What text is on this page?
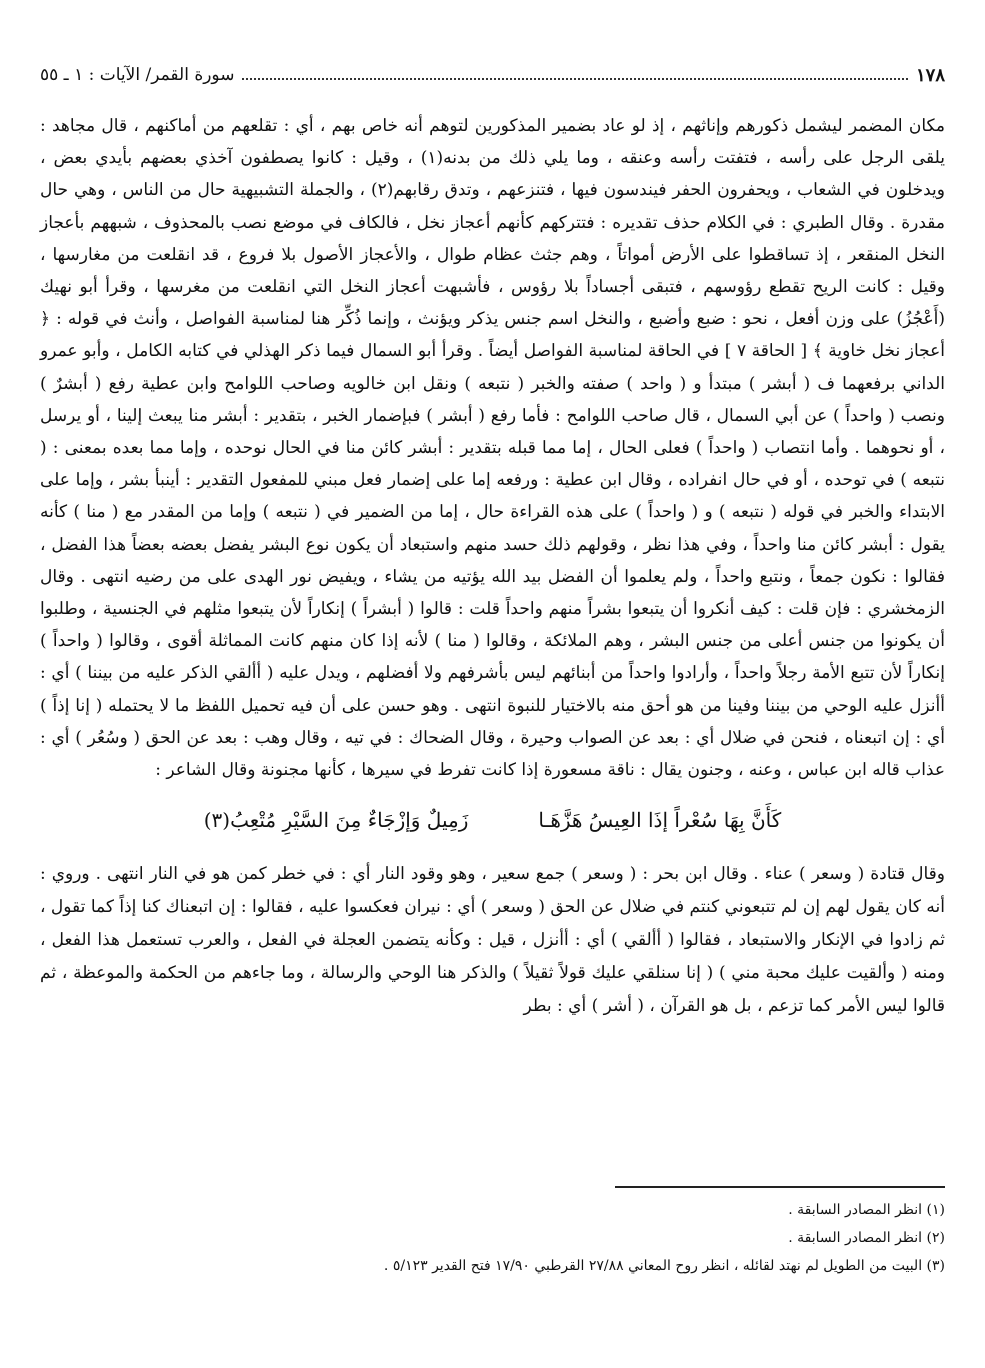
١٧٨
سورة القمر/ الآيات : ١ ـ ٥٥

مكان المضمر ليشمل ذكورهم وإناثهم ، إذ لو عاد بضمير المذكورين لتوهم أنه خاص بهم ، أي : تقلعهم من أماكنهم ، قال مجاهد : يلقى الرجل على رأسه ، فتفتت رأسه وعنقه ، وما يلي ذلك من بدنه(١) ، وقيل : كانوا يصطفون آخذي بعضهم بأيدي بعض ، ويدخلون في الشعاب ، ويحفرون الحفر فيندسون فيها ، فتنزعهم ، وتدق رقابهم(٢) ، والجملة التشبيهية حال من الناس ، وهي حال مقدرة . وقال الطبري : في الكلام حذف تقديره : فتتركهم كأنهم أعجاز نخل ، فالكاف في موضع نصب بالمحذوف ، شبههم بأعجاز النخل المنقعر ، إذ تساقطوا على الأرض أمواتاً ، وهم جثث عظام طوال ، والأعجاز الأصول بلا فروع ، قد انقلعت من مغارسها ، وقيل : كانت الريح تقطع رؤوسهم ، فتبقى أجساداً بلا رؤوس ، فأشبهت أعجاز النخل التي انقلعت من مغرسها ، وقرأ أبو نهيك (أَعْجُزُ) على وزن أفعل ، نحو : ضبع وأضبع ، والنخل اسم جنس يذكر ويؤنث ، وإنما ذُكِّر هنا لمناسبة الفواصل ، وأنث في قوله : ﴿ أعجاز نخل خاوية ﴾ [ الحاقة ٧ ] في الحاقة لمناسبة الفواصل أيضاً . وقرأ أبو السمال فيما ذكر الهذلي في كتابه الكامل ، وأبو عمرو الداني برفعهما ف ( أبشر ) مبتدأ و ( واحد ) صفته والخبر ( نتبعه ) ونقل ابن خالويه وصاحب اللوامح وابن عطية رفع ( أبشرٌ ) ونصب ( واحداً ) عن أبي السمال ، قال صاحب اللوامح : فأما رفع ( أبشر ) فبإضمار الخبر ، بتقدير : أبشر منا يبعث إلينا ، أو يرسل ، أو نحوهما . وأما انتصاب ( واحداً ) فعلى الحال ، إما مما قبله بتقدير : أبشر كائن منا في الحال نوحده ، وإما مما بعده بمعنى : ( نتبعه ) في توحده ، أو في حال انفراده ، وقال ابن عطية : ورفعه إما على إضمار فعل مبني للمفعول التقدير : أينبأ بشر ، وإما على الابتداء والخبر في قوله ( نتبعه ) و ( واحداً ) على هذه القراءة حال ، إما من الضمير في ( نتبعه ) وإما من المقدر مع ( منا ) كأنه يقول : أبشر كائن منا واحداً ، وفي هذا نظر ، وقولهم ذلك حسد منهم واستبعاد أن يكون نوع البشر يفضل بعضه بعضاً هذا الفضل ، فقالوا : نكون جمعاً ، ونتبع واحداً ، ولم يعلموا أن الفضل بيد الله يؤتيه من يشاء ، ويفيض نور الهدى على من رضيه انتهى . وقال الزمخشري : فإن قلت : كيف أنكروا أن يتبعوا بشراً منهم واحداً قلت : قالوا ( أبشراً ) إنكاراً لأن يتبعوا مثلهم في الجنسية ، وطلبوا أن يكونوا من جنس أعلى من جنس البشر ، وهم الملائكة ، وقالوا ( منا ) لأنه إذا كان منهم كانت المماثلة أقوى ، وقالوا ( واحداً ) إنكاراً لأن تتبع الأمة رجلاً واحداً ، وأرادوا واحداً من أبنائهم ليس بأشرفهم ولا أفضلهم ، ويدل عليه ( أألقي الذكر عليه من بيننا ) أي : أأنزل عليه الوحي من بيننا وفينا من هو أحق منه بالاختيار للنبوة انتهى . وهو حسن على أن فيه تحميل اللفظ ما لا يحتمله ( إنا إذاً ) أي : إن اتبعناه ، فنحن في ضلال أي : بعد عن الصواب وحيرة ، وقال الضحاك : في تيه ، وقال وهب : بعد عن الحق ( وسُعُر ) أي : عذاب قاله ابن عباس ، وعنه ، وجنون يقال : ناقة مسعورة إذا كانت تفرط في سيرها ، كأنها مجنونة وقال الشاعر :

كَأَنَّ بِهَا سُعْراً إذَا العِيسُ هَزَّهَـا
زَمِيلٌ وَإزْجَاءٌ مِنَ السَّيْرِ مُتْعِبُ(٣)

وقال قتادة ( وسعر ) عناء . وقال ابن بحر : ( وسعر ) جمع سعير ، وهو وقود النار أي : في خطر كمن هو في النار انتهى . وروي : أنه كان يقول لهم إن لم تتبعوني كنتم في ضلال عن الحق ( وسعر ) أي : نيران فعكسوا عليه ، فقالوا : إن اتبعناك كنا إذاً كما تقول ، ثم زادوا في الإنكار والاستبعاد ، فقالوا ( أألقي ) أي : أأنزل ، قيل : وكأنه يتضمن العجلة في الفعل ، والعرب تستعمل هذا الفعل ، ومنه ( وألقيت عليك محبة مني ) ( إنا سنلقي عليك قولاً ثقيلاً ) والذكر هنا الوحي والرسالة ، وما جاءهم من الحكمة والموعظة ، ثم قالوا ليس الأمر كما تزعم ، بل هو القرآن ، ( أشر ) أي : بطر

(١) انظر المصادر السابقة .
(٢) انظر المصادر السابقة .
(٣) البيت من الطويل لم نهتد لقائله ، انظر روح المعاني ٢٧/٨٨ القرطبي ١٧/٩٠ فتح القدير ٥/١٢٣ .
